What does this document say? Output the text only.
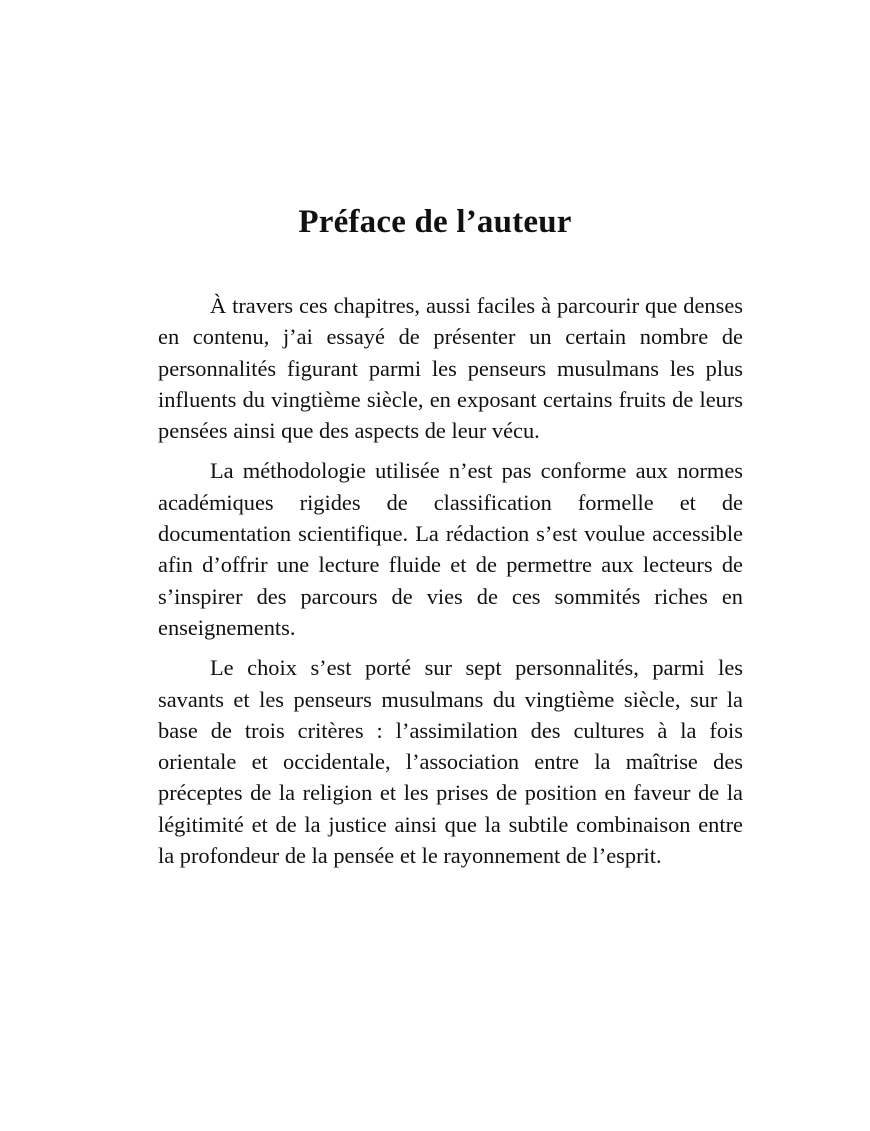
Préface de l’auteur

À travers ces chapitres, aussi faciles à parcourir que denses en contenu, j’ai essayé de présenter un certain nombre de personnalités figurant parmi les penseurs musulmans les plus influents du vingtième siècle, en exposant certains fruits de leurs pensées ainsi que des aspects de leur vécu.

La méthodologie utilisée n’est pas conforme aux normes académiques rigides de classification formelle et de documentation scientifique. La rédaction s’est voulue accessible afin d’offrir une lecture fluide et de permettre aux lecteurs de s’inspirer des parcours de vies de ces sommités riches en enseignements.

Le choix s’est porté sur sept personnalités, parmi les savants et les penseurs musulmans du vingtième siècle, sur la base de trois critères : l’assimilation des cultures à la fois orientale et occidentale, l’association entre la maîtrise des préceptes de la religion et les prises de position en faveur de la légitimité et de la justice ainsi que la subtile combinaison entre la profondeur de la pensée et le rayonnement de l’esprit.
